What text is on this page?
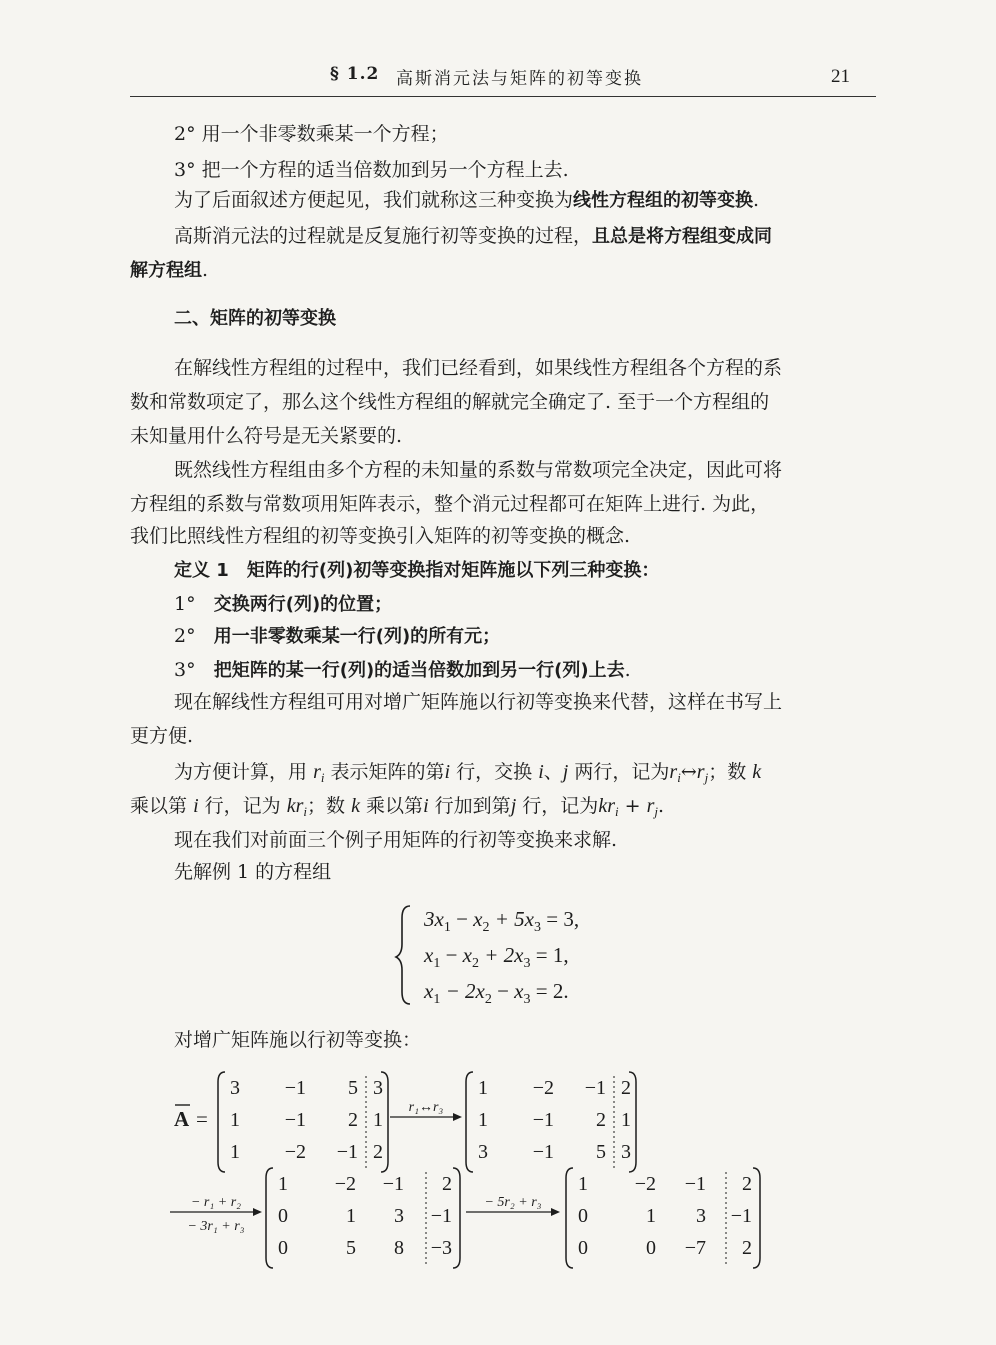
§ 1.2 高斯消元法与矩阵的初等变换	21
2° 用一个非零数乘某一个方程；
3° 把一个方程的适当倍数加到另一个方程上去.
为了后面叙述方便起见，我们就称这三种变换为线性方程组的初等变换.
高斯消元法的过程就是反复施行初等变换的过程，且总是将方程组变成同
解方程组.
二、矩阵的初等变换
在解线性方程组的过程中，我们已经看到，如果线性方程组各个方程的系
数和常数项定了，那么这个线性方程组的解就完全确定了. 至于一个方程组的
未知量用什么符号是无关紧要的.
既然线性方程组由多个方程的未知量的系数与常数项完全决定，因此可将
方程组的系数与常数项用矩阵表示，整个消元过程都可在矩阵上进行. 为此，
我们比照线性方程组的初等变换引入矩阵的初等变换的概念.
定义 1 矩阵的行(列)初等变换指对矩阵施以下列三种变换：
1° 交换两行(列)的位置；
2° 用一非零数乘某一行(列)的所有元；
3° 把矩阵的某一行(列)的适当倍数加到另一行(列)上去.
现在解线性方程组可用对增广矩阵施以行初等变换来代替，这样在书写上
更方便.
为方便计算，用 $r_i$ 表示矩阵的第i 行，交换 i、j 两行，记为$r_i\leftrightarrow r_j$；数 k
乘以第 i 行，记为 $kr_i$；数 k 乘以第i 行加到第j 行，记为$kr_i + r_j$.
现在我们对前面三个例子用矩阵的行初等变换来求解.
先解例 1 的方程组
$3x_1 - x_2 + 5x_3 = 3$,
$x_1 - x_2 + 2x_3 = 1$,
$x_1 - 2x_2 - x_3 = 2$.
对增广矩阵施以行初等变换：
A =
3 −1 5 3
1 −1 2 1
1 −2 −1 2
r₁↔r₃
1 −2 −1 2
1 −1 2 1
3 −1 5 3
1 −2 −1 2
0	1 3 −1
0	5 8 −3
− r₁ + r₂
− 3r₁ + r₃
− 5r₂ + r₃
1 −2 −1 2
0	1 3 −1
0	0 −7 2
